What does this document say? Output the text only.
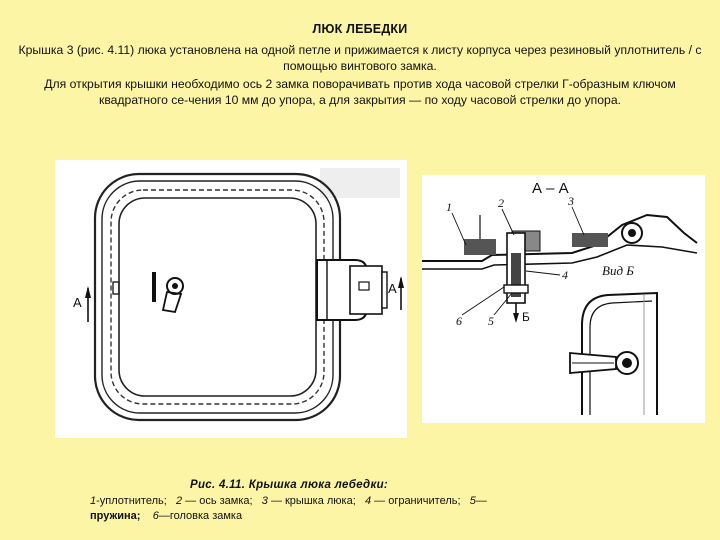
ЛЮК ЛЕБЕДКИ
Крышка 3 (рис. 4.11) люка установлена на одной петле и прижимается к листу корпуса через резиновый уплотнитель / с помощью винтового замка.
Для открытия крышки необходимо ось 2 замка поворачивать против хода часовой стрелки Г-образным ключом квадратного се-чения 10 мм до упора, а для закрытия — по ходу часовой стрелки до упора.
А
А
А – А
1	2	3
4
6 5 Б
Вид Б
Рис. 4.11. Крышка люка лебедки:
1-уплотнитель; 2 — ось замка; 3 — крышка люка; 4 — ограничитель; 5—
пружина; 6—головка замка
